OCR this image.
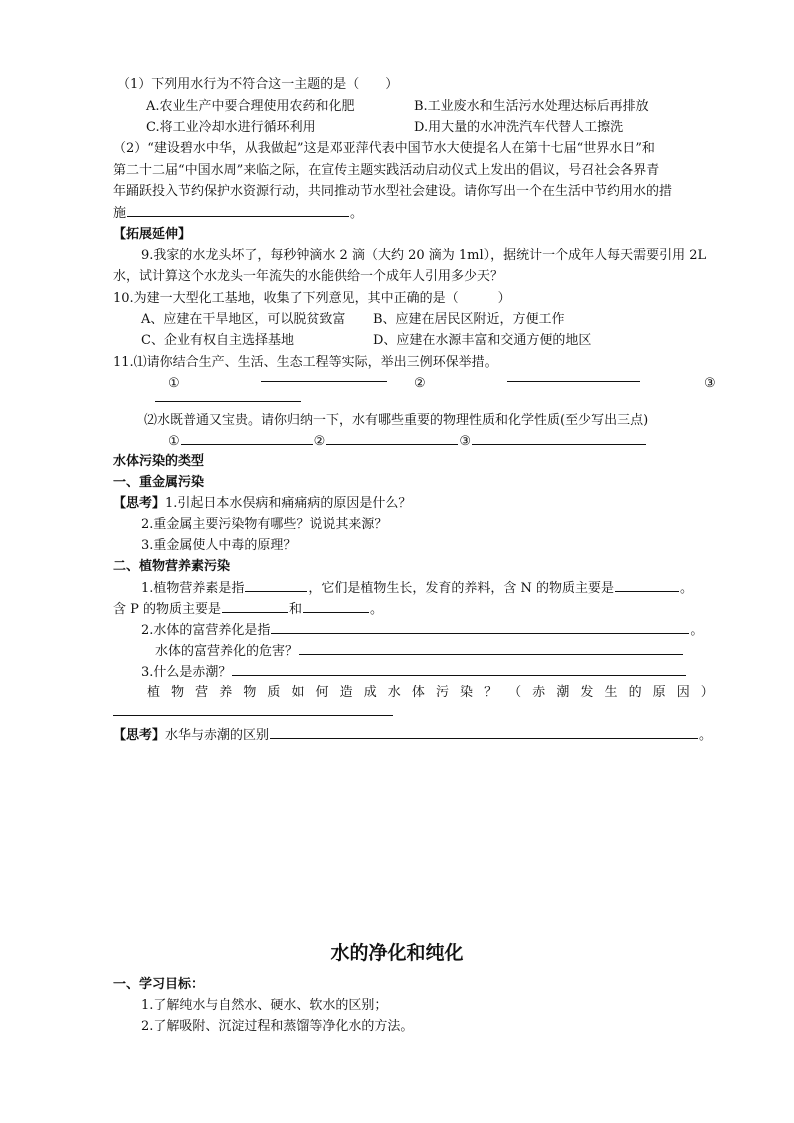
（1）下列用水行为不符合这一主题的是（　　）
A.农业生产中要合理使用农药和化肥	B.工业废水和生活污水处理达标后再排放
C.将工业冷却水进行循环利用	D.用大量的水冲洗汽车代替人工擦洗
（2）“建设碧水中华，从我做起”这是邓亚萍代表中国节水大使提名人在第十七届“世界水日”和
第二十二届“中国水周”来临之际，在宣传主题实践活动启动仪式上发出的倡议，号召社会各界青
年踊跃投入节约保护水资源行动，共同推动节水型社会建设。请你写出一个在生活中节约用水的措
施	。
【拓展延伸】
9.我家的水龙头坏了，每秒钟滴水 2 滴（大约 20 滴为 1ml），据统计一个成年人每天需要引用 2L
水，试计算这个水龙头一年流失的水能供给一个成年人引用多少天？
10.为建一大型化工基地，收集了下列意见，其中正确的是（　　　）
A、应建在干旱地区，可以脱贫致富 B、应建在居民区附近，方便工作
C、企业有权自主选择基地	D、应建在水源丰富和交通方便的地区
11.⑴请你结合生产、生活、生态工程等实际，举出三例环保举措。
①	②	③
⑵水既普通又宝贵。请你归纳一下，水有哪些重要的物理性质和化学性质(至少写出三点)
①	②	③
水体污染的类型
一、重金属污染
【思考】1.引起日本水俣病和痛痛病的原因是什么？
2.重金属主要污染物有哪些？说说其来源？
3.重金属使人中毒的原理？
二、植物营养素污染
1.植物营养素是指	，它们是植物生长，发育的养料，含 N 的物质主要是	。
含 P 的物质主要是	和	。
2.水体的富营养化是指	。
水体的富营养化的危害？
3.什么是赤潮？
植 物 营 养 物 质 如 何 造 成 水 体 污 染 ？ （ 赤 潮 发 生 的 原 因 ）
【思考】水华与赤潮的区别	。
水的净化和纯化
一、学习目标：
1.了解纯水与自然水、硬水、软水的区别；
2.了解吸附、沉淀过程和蒸馏等净化水的方法。
